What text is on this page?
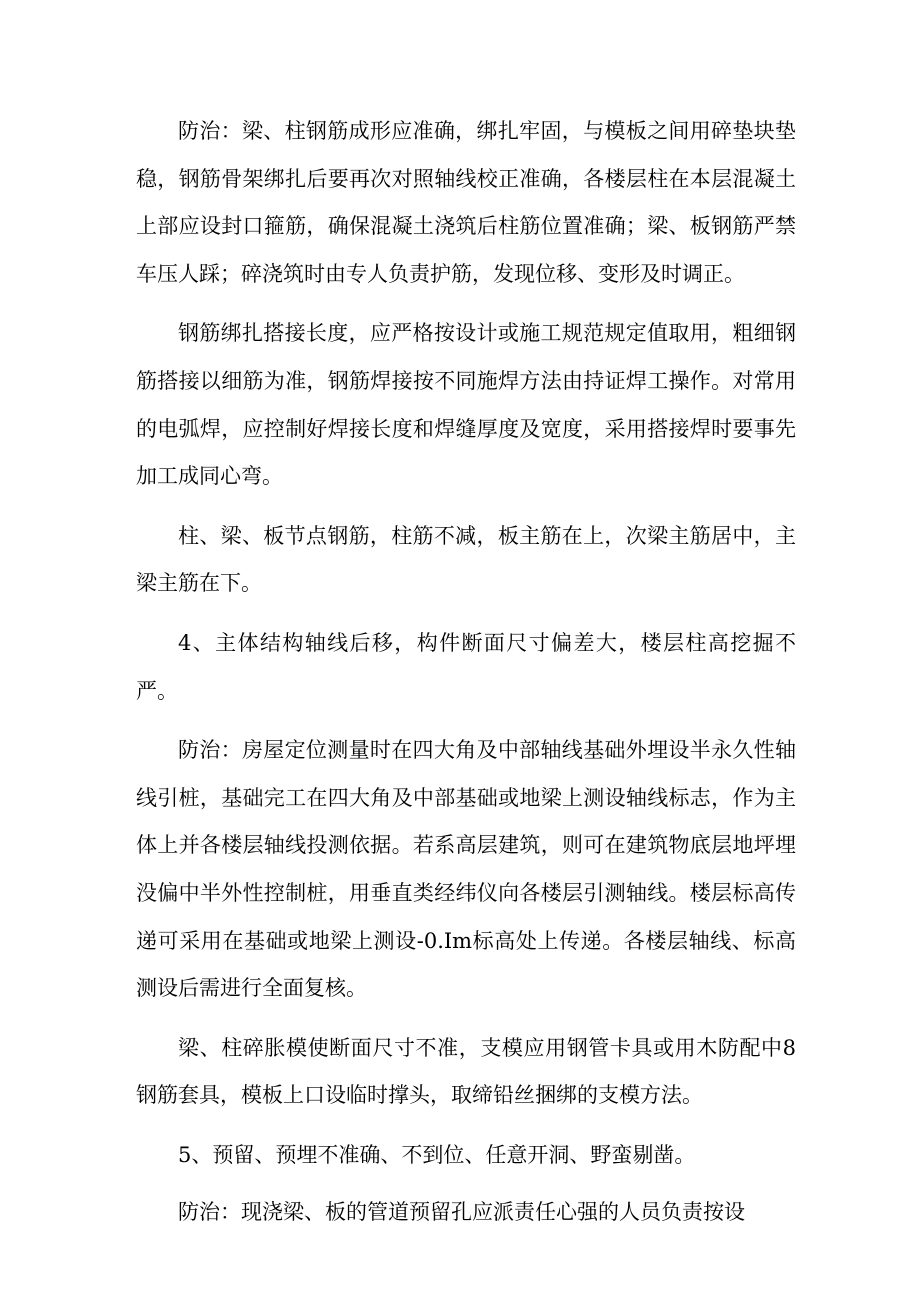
防治：梁、柱钢筋成形应准确，绑扎牢固，与模板之间用碎垫块垫稳，钢筋骨架绑扎后要再次对照轴线校正准确，各楼层柱在本层混凝土上部应设封口箍筋，确保混凝土浇筑后柱筋位置准确；梁、板钢筋严禁车压人踩；碎浇筑时由专人负责护筋，发现位移、变形及时调正。

钢筋绑扎搭接长度，应严格按设计或施工规范规定值取用，粗细钢筋搭接以细筋为准，钢筋焊接按不同施焊方法由持证焊工操作。对常用的电弧焊，应控制好焊接长度和焊缝厚度及宽度，采用搭接焊时要事先加工成同心弯。

柱、梁、板节点钢筋，柱筋不减，板主筋在上，次梁主筋居中，主梁主筋在下。

4、主体结构轴线后移，构件断面尺寸偏差大，楼层柱高挖掘不严。

防治：房屋定位测量时在四大角及中部轴线基础外埋设半永久性轴线引桩，基础完工在四大角及中部基础或地梁上测设轴线标志，作为主体上并各楼层轴线投测依据。若系高层建筑，则可在建筑物底层地坪埋没偏中半外性控制桩，用垂直类经纬仪向各楼层引测轴线。楼层标高传递可采用在基础或地梁上测设-0.Im标高处上传递。各楼层轴线、标高测设后需进行全面复核。

梁、柱碎胀模使断面尺寸不准，支模应用钢管卡具或用木防配中8钢筋套具，模板上口设临时撑头，取缔铅丝捆绑的支模方法。

5、预留、预埋不准确、不到位、任意开洞、野蛮剔凿。

防治：现浇梁、板的管道预留孔应派责任心强的人员负责按设
